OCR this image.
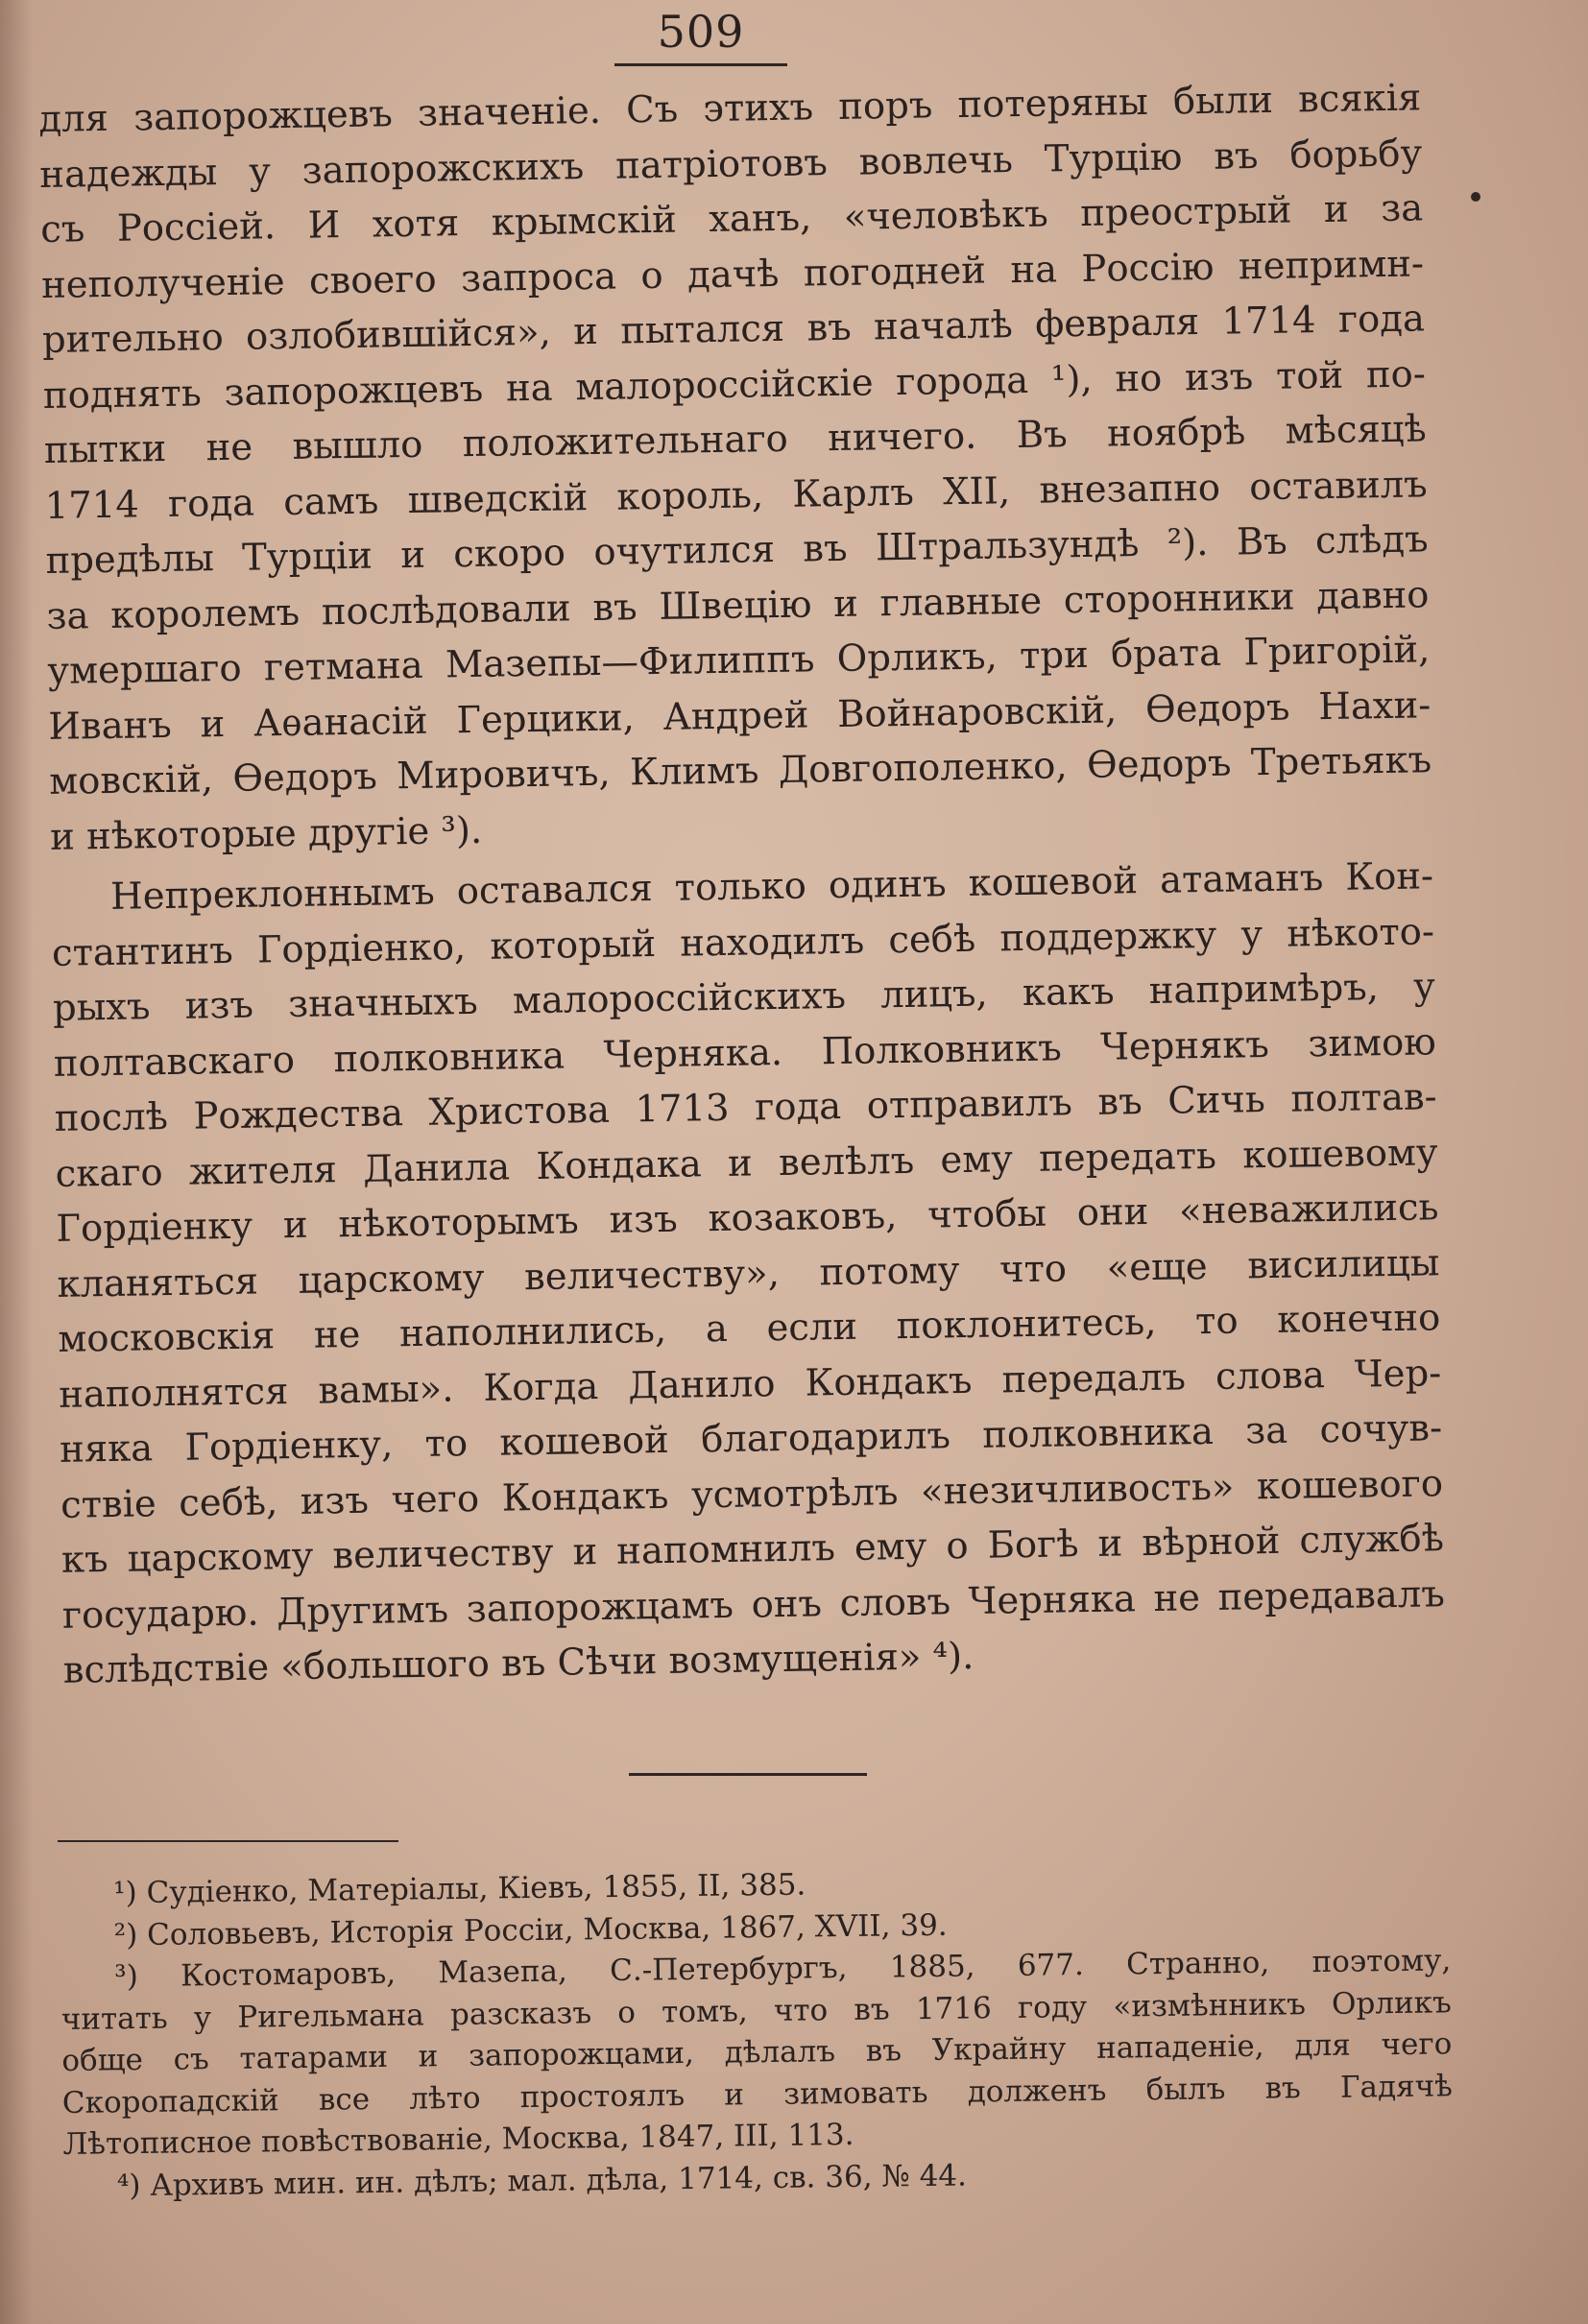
509

для запорожцевъ значеніе. Съ этихъ поръ потеряны были всякія
надежды у запорожскихъ патріотовъ вовлечь Турцію въ борьбу
съ Россіей. И хотя крымскій ханъ, «человѣкъ преострый и за
неполученіе своего запроса о дачѣ погодней на Россію непримн-
рительно озлобившійся», и пытался въ началѣ февраля 1714 года
поднять запорожцевъ на малороссійскіе города ¹), но изъ той по-
пытки не вышло положительнаго ничего. Въ ноябрѣ мѣсяцѣ
1714 года самъ шведскій король, Карлъ XII, внезапно оставилъ
предѣлы Турціи и скоро очутился въ Штральзундѣ ²). Въ слѣдъ
за королемъ послѣдовали въ Швецію и главные сторонники давно
умершаго гетмана Мазепы—Филиппъ Орликъ, три брата Григорій,
Иванъ и Аѳанасій Герцики, Андрей Войнаровскій, Ѳедоръ Нахи-
мовскій, Ѳедоръ Мировичъ, Климъ Довгополенко, Ѳедоръ Третьякъ
и нѣкоторые другіе ³).

Непреклоннымъ оставался только одинъ кошевой атаманъ Кон-
стантинъ Гордіенко, который находилъ себѣ поддержку у нѣкото-
рыхъ изъ значныхъ малороссійскихъ лицъ, какъ напримѣръ, у
полтавскаго полковника Черняка. Полковникъ Чернякъ зимою
послѣ Рождества Христова 1713 года отправилъ въ Сичь полтав-
скаго жителя Данила Кондака и велѣлъ ему передать кошевому
Гордіенку и нѣкоторымъ изъ козаковъ, чтобы они «неважились
кланяться царскому величеству», потому что «еще висилицы
московскія не наполнились, а если поклонитесь, то конечно
наполнятся вамы». Когда Данило Кондакъ передалъ слова Чер-
няка Гордіенку, то кошевой благодарилъ полковника за сочув-
ствіе себѣ, изъ чего Кондакъ усмотрѣлъ «незичливость» кошевого
къ царскому величеству и напомнилъ ему о Богѣ и вѣрной службѣ
государю. Другимъ запорожцамъ онъ словъ Черняка не передавалъ
вслѣдствіе «большого въ Сѣчи возмущенія» ⁴).

¹) Судіенко, Матеріалы, Кіевъ, 1855, II, 385.
²) Соловьевъ, Исторія Россіи, Москва, 1867, XVII, 39.
³) Костомаровъ, Мазепа, С.-Петербургъ, 1885, 677. Странно, поэтому,
читать у Ригельмана разсказъ о томъ, что въ 1716 году «измѣнникъ Орликъ
обще съ татарами и запорожцами, дѣлалъ въ Украйну нападеніе, для чего
Скоропадскій все лѣто простоялъ и зимовать долженъ былъ въ Гадячѣ
Лѣтописное повѣствованіе, Москва, 1847, III, 113.
⁴) Архивъ мин. ин. дѣлъ; мал. дѣла, 1714, св. 36, № 44.
